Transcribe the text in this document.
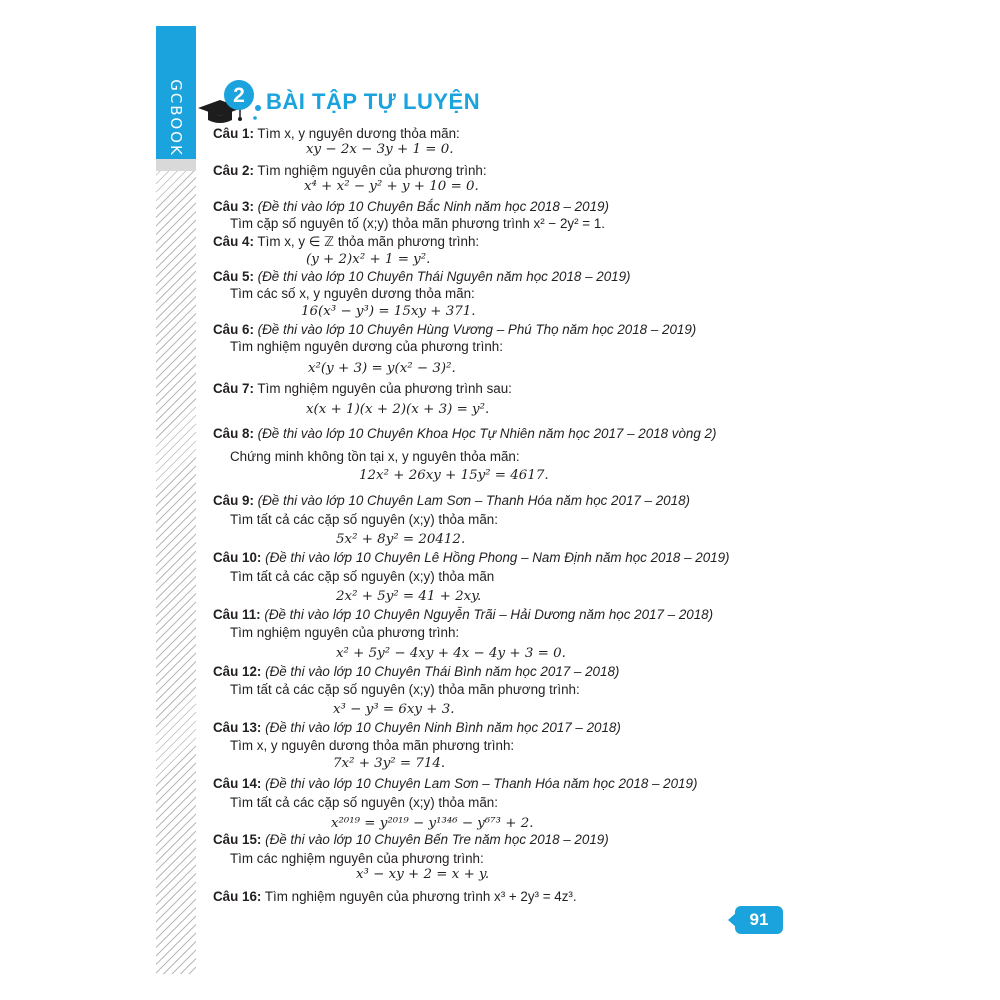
GCBOOK 2 BÀI TẬP TỰ LUYỆN
Câu 1: Tìm x, y nguyên dương thỏa mãn:
xy − 2x − 3y + 1 = 0.
Câu 2: Tìm nghiệm nguyên của phương trình:
x⁴ + x² − y² + y + 10 = 0.
Câu 3: (Đề thi vào lớp 10 Chuyên Bắc Ninh năm học 2018 – 2019)
Tìm cặp số nguyên tố (x;y) thỏa mãn phương trình x² − 2y² = 1.
Câu 4: Tìm x, y ∈ ℤ thỏa mãn phương trình:
(y + 2)x² + 1 = y².
Câu 5: (Đề thi vào lớp 10 Chuyên Thái Nguyên năm học 2018 – 2019)
Tìm các số x, y nguyên dương thỏa mãn:
16(x³ − y³) = 15xy + 371.
Câu 6: (Đề thi vào lớp 10 Chuyên Hùng Vương – Phú Thọ năm học 2018 – 2019)
Tìm nghiệm nguyên dương của phương trình:
x²(y + 3) = y(x² − 3)².
Câu 7: Tìm nghiệm nguyên của phương trình sau:
x(x + 1)(x + 2)(x + 3) = y².
Câu 8: (Đề thi vào lớp 10 Chuyên Khoa Học Tự Nhiên năm học 2017 – 2018 vòng 2)
Chứng minh không tồn tại x, y nguyên thỏa mãn:
12x² + 26xy + 15y² = 4617.
Câu 9: (Đề thi vào lớp 10 Chuyên Lam Sơn – Thanh Hóa năm học 2017 – 2018)
Tìm tất cả các cặp số nguyên (x;y) thỏa mãn:
5x² + 8y² = 20412.
Câu 10: (Đề thi vào lớp 10 Chuyên Lê Hồng Phong – Nam Định năm học 2018 – 2019)
Tìm tất cả các cặp số nguyên (x;y) thỏa mãn
2x² + 5y² = 41 + 2xy.
Câu 11: (Đề thi vào lớp 10 Chuyên Nguyễn Trãi – Hải Dương năm học 2017 – 2018)
Tìm nghiệm nguyên của phương trình:
x² + 5y² − 4xy + 4x − 4y + 3 = 0.
Câu 12: (Đề thi vào lớp 10 Chuyên Thái Bình năm học 2017 – 2018)
Tìm tất cả các cặp số nguyên (x;y) thỏa mãn phương trình:
x³ − y³ = 6xy + 3.
Câu 13: (Đề thi vào lớp 10 Chuyên Ninh Bình năm học 2017 – 2018)
Tìm x, y nguyên dương thỏa mãn phương trình:
7x² + 3y² = 714.
Câu 14: (Đề thi vào lớp 10 Chuyên Lam Sơn – Thanh Hóa năm học 2018 – 2019)
Tìm tất cả các cặp số nguyên (x;y) thỏa mãn:
x²⁰¹⁹ = y²⁰¹⁹ − y¹³⁴⁶ − y⁶⁷³ + 2.
Câu 15: (Đề thi vào lớp 10 Chuyên Bến Tre năm học 2018 – 2019)
Tìm các nghiệm nguyên của phương trình:
x³ − xy + 2 = x + y.
Câu 16: Tìm nghiệm nguyên của phương trình x³ + 2y³ = 4z³.
91
